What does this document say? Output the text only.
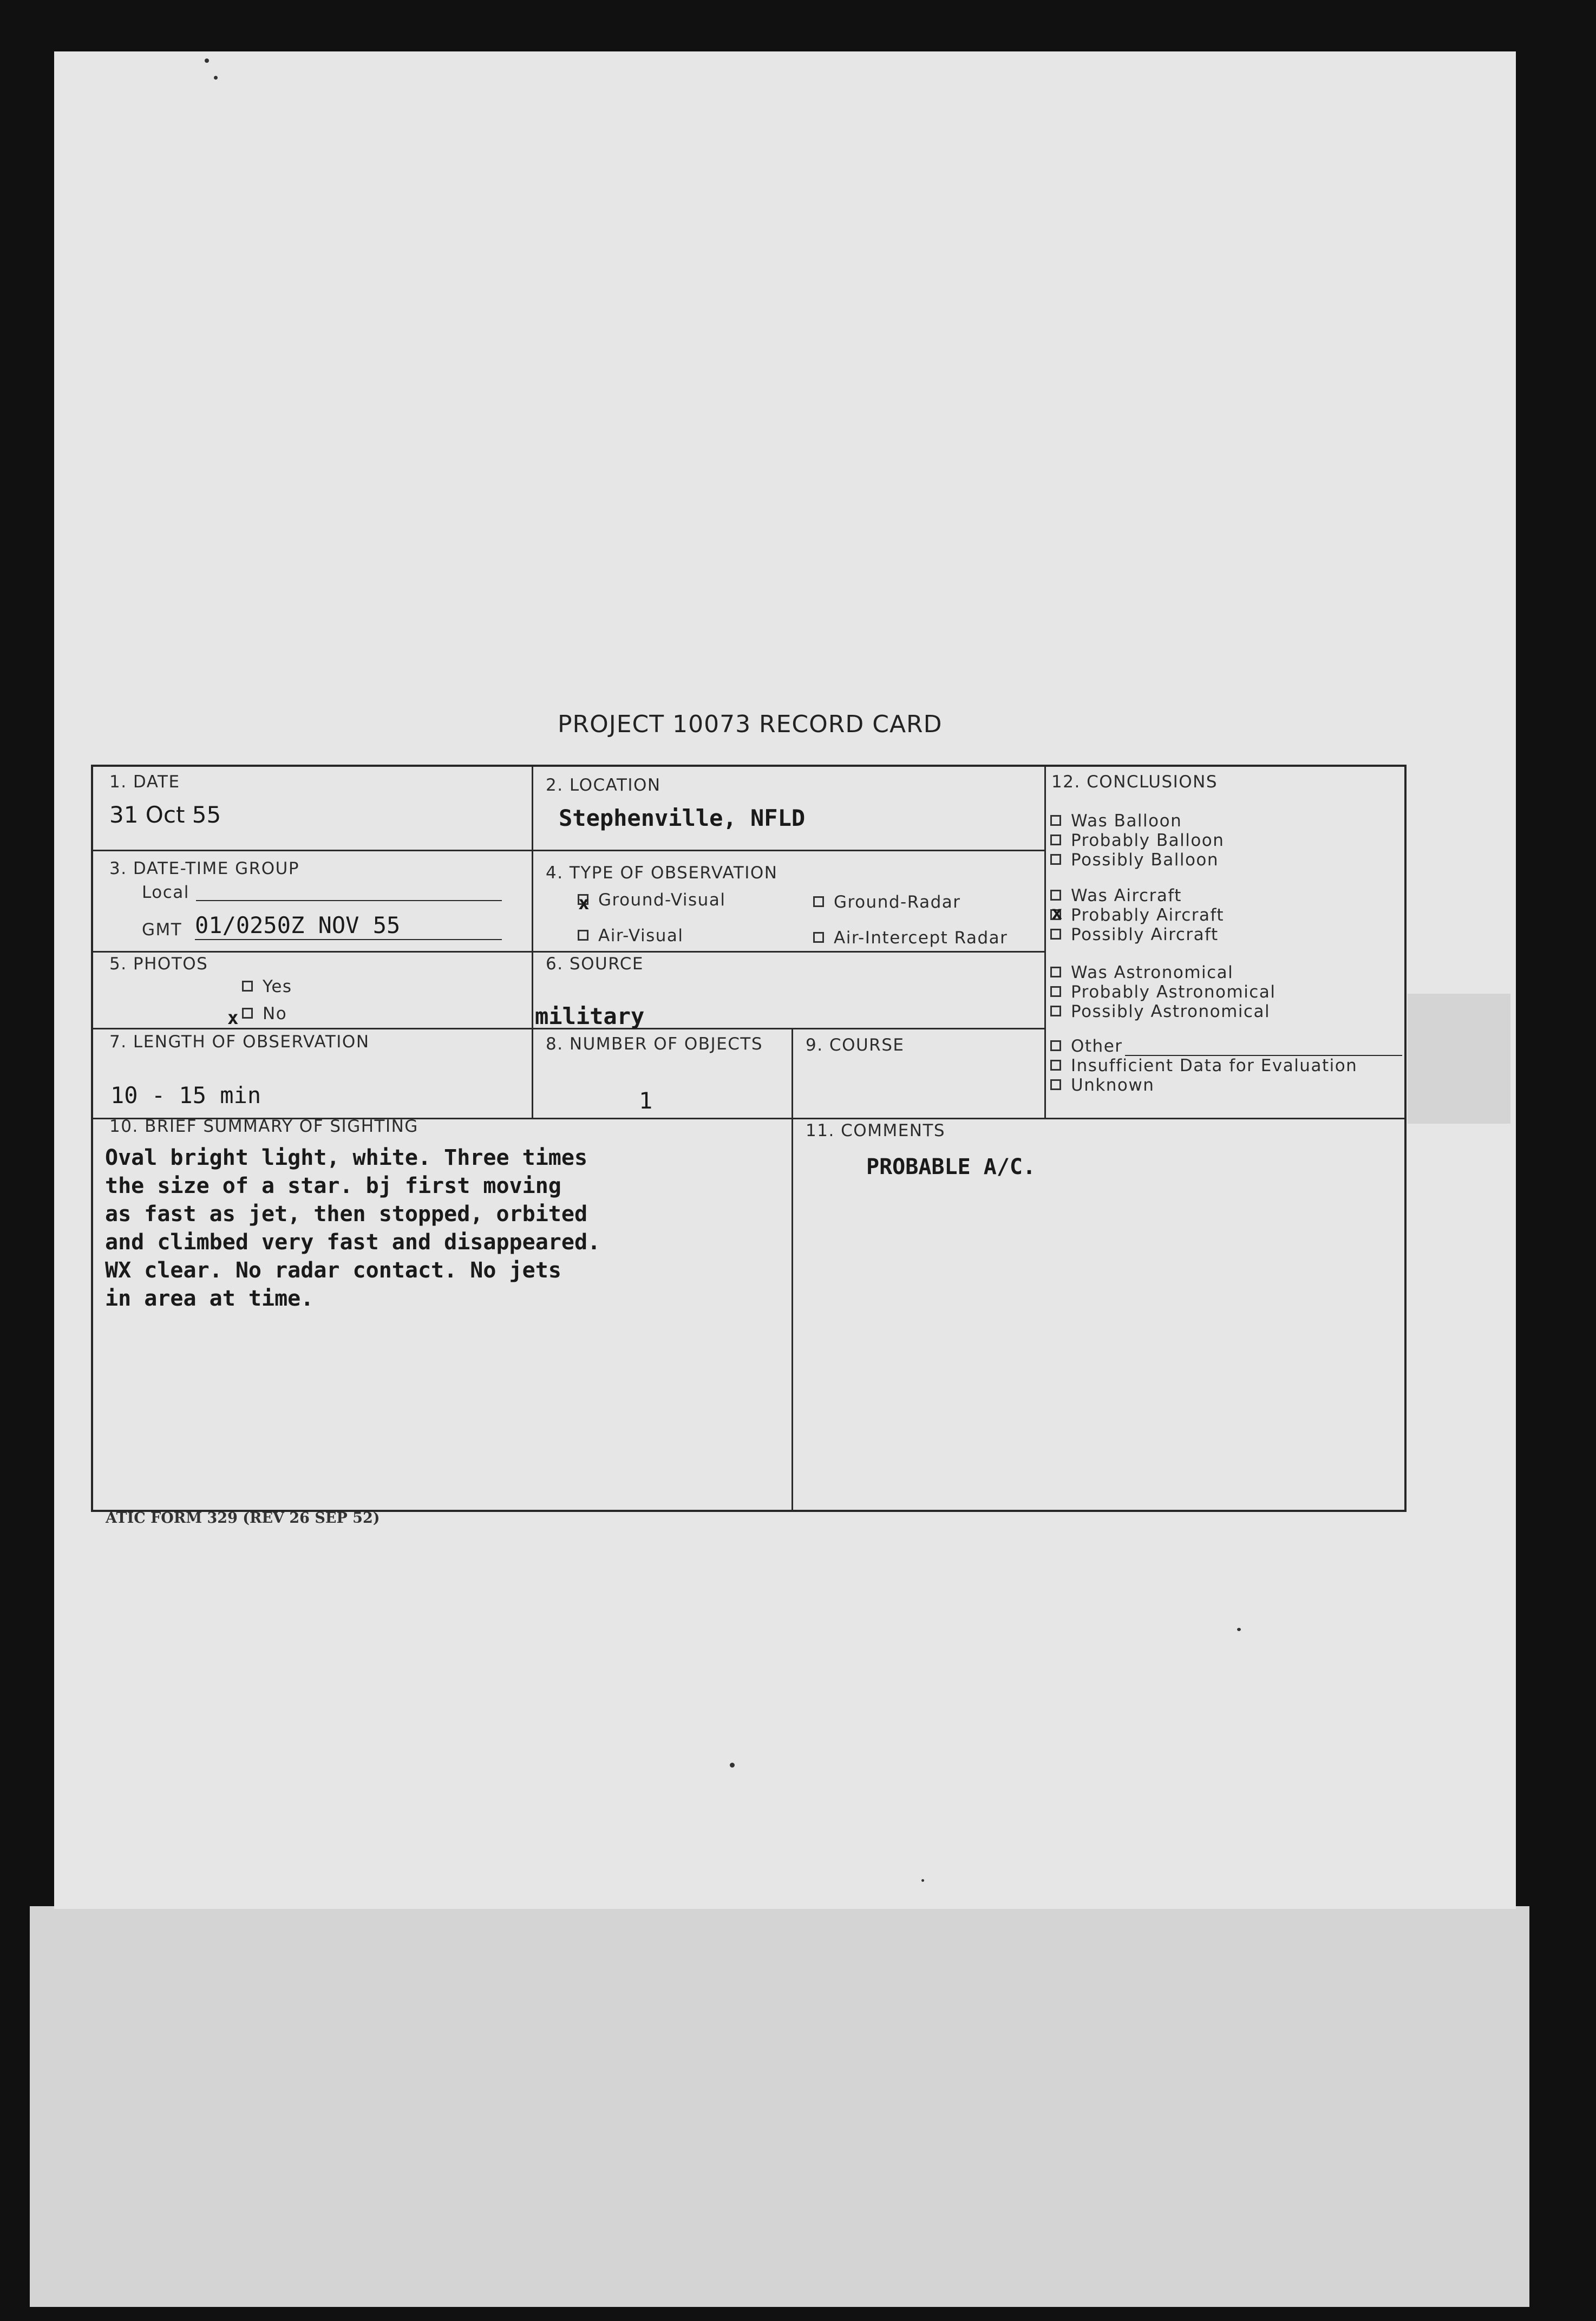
PROJECT 10073 RECORD CARD
1. DATE
31 Oct 55
2. LOCATION
Stephenville, NFLD
3. DATE-TIME GROUP
Local
GMT 01/0250Z NOV 55
4. TYPE OF OBSERVATION
Ground-Visual
x	Ground-Radar
Air-Visual	Air-Intercept Radar
5. PHOTOS
Yes
No
x
6. SOURCE
military
7. LENGTH OF OBSERVATION
10 - 15 min
8. NUMBER OF OBJECTS
1
9. COURSE
10. BRIEF SUMMARY OF SIGHTING
Oval bright light, white. Three times
the size of a star. bj first moving
as fast as jet, then stopped, orbited
and climbed very fast and disappeared.
WX clear. No radar contact. No jets
in area at time.
11. COMMENTS
PROBABLE A/C.
12. CONCLUSIONS
Was Balloon
Probably Balloon
Possibly Balloon
Was Aircraft
Probably Aircraft
x
Possibly Aircraft
Was Astronomical
Probably Astronomical
Possibly Astronomical
Other
Insufficient Data for Evaluation
Unknown
ATIC FORM 329 (REV 26 SEP 52)
